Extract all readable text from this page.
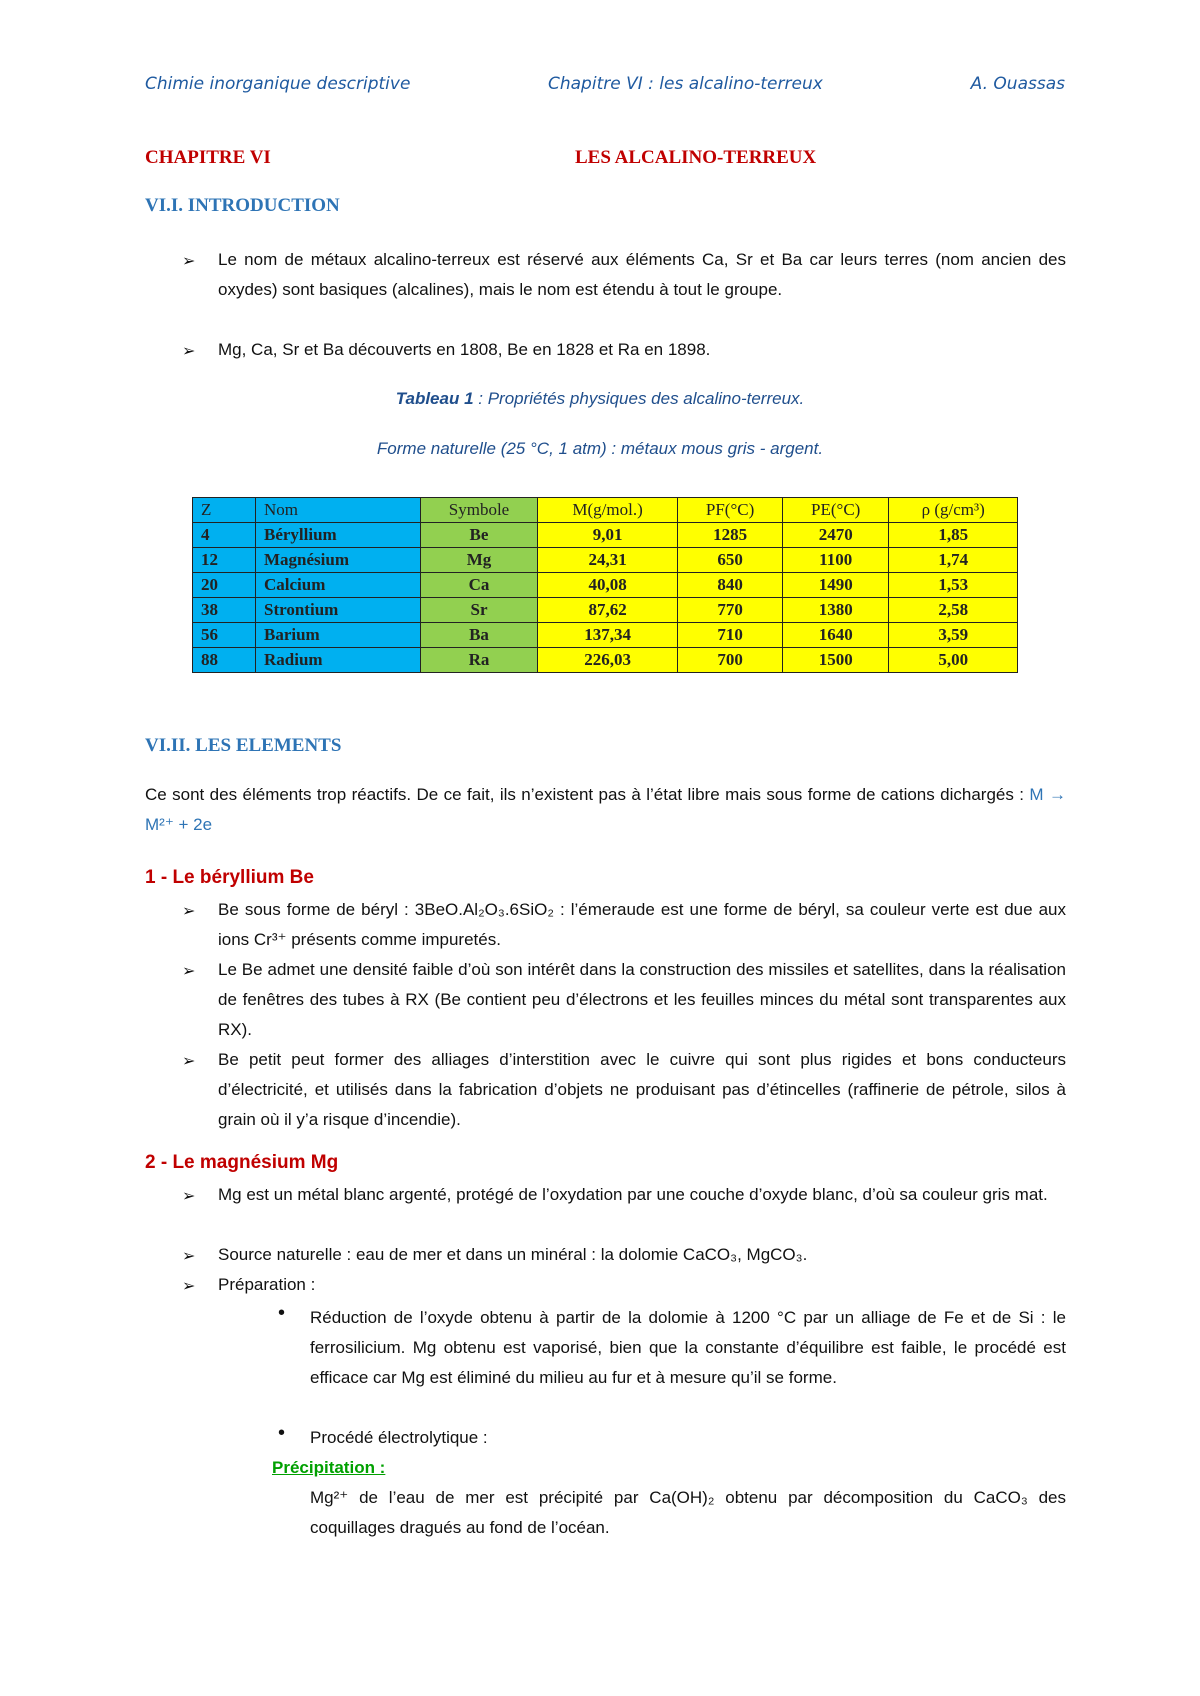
Chimie inorganique descriptive	Chapitre VI : les alcalino-terreux	A. Ouassas
CHAPITRE VI	LES ALCALINO-TERREUX
VI.I. INTRODUCTION
➢ Le nom de métaux alcalino-terreux est réservé aux éléments Ca, Sr et Ba car leurs terres (nom ancien des oxydes) sont basiques (alcalines), mais le nom est étendu à tout le groupe.
➢ Mg, Ca, Sr et Ba découverts en 1808, Be en 1828 et Ra en 1898.
Tableau 1 : Propriétés physiques des alcalino-terreux.
Forme naturelle (25 °C, 1 atm) : métaux mous gris - argent.
Z	Nom	Symbole	M(g/mol.)	PF(°C)	PE(°C)	ρ (g/cm³)
4	Béryllium	Be	9,01	1285	2470	1,85
12	Magnésium	Mg	24,31	650	1100	1,74
20	Calcium	Ca	40,08	840	1490	1,53
38	Strontium	Sr	87,62	770	1380	2,58
56	Barium	Ba	137,34	710	1640	3,59
88	Radium	Ra	226,03	700	1500	5,00
VI.II. LES ELEMENTS
Ce sont des éléments trop réactifs. De ce fait, ils n’existent pas à l’état libre mais sous forme de cations dichargés : M → M²⁺ + 2e
1 - Le béryllium Be
➢ Be sous forme de béryl : 3BeO.Al₂O₃.6SiO₂ : l’émeraude est une forme de béryl, sa couleur verte est due aux ions Cr³⁺ présents comme impuretés.
➢ Le Be admet une densité faible d’où son intérêt dans la construction des missiles et satellites, dans la réalisation de fenêtres des tubes à RX (Be contient peu d’électrons et les feuilles minces du métal sont transparentes aux RX).
➢ Be petit peut former des alliages d’interstition avec le cuivre qui sont plus rigides et bons conducteurs d’électricité, et utilisés dans la fabrication d’objets ne produisant pas d’étincelles (raffinerie de pétrole, silos à grain où il y’a risque d’incendie).
2 - Le magnésium Mg
➢ Mg est un métal blanc argenté, protégé de l’oxydation par une couche d’oxyde blanc, d’où sa couleur gris mat.
➢ Source naturelle : eau de mer et dans un minéral : la dolomie CaCO₃, MgCO₃.
➢ Préparation :
• Réduction de l’oxyde obtenu à partir de la dolomie à 1200 °C par un alliage de Fe et de Si : le ferrosilicium. Mg obtenu est vaporisé, bien que la constante d’équilibre est faible, le procédé est efficace car Mg est éliminé du milieu au fur et à mesure qu’il se forme.
• Procédé électrolytique :
Précipitation :
Mg²⁺ de l’eau de mer est précipité par Ca(OH)₂ obtenu par décomposition du CaCO₃ des coquillages dragués au fond de l’océan.
